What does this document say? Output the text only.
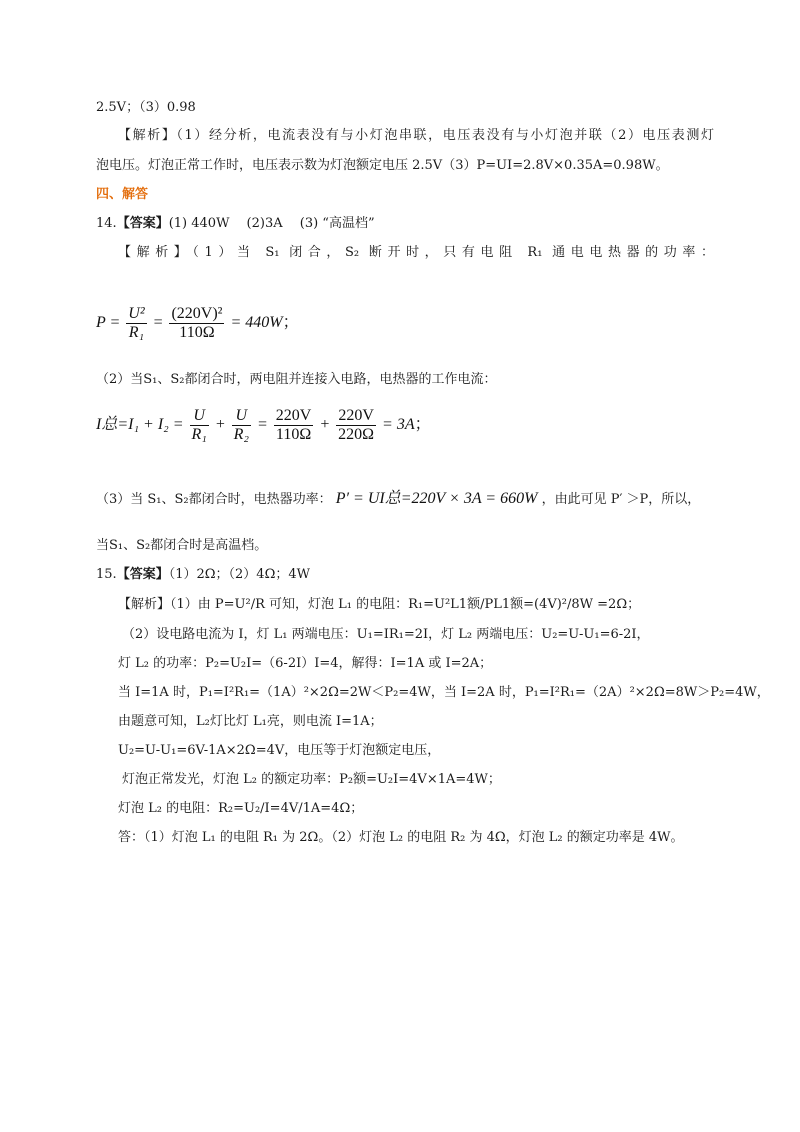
2.5V；（3）0.98
【解析】（1）经分析，电流表没有与小灯泡串联，电压表没有与小灯泡并联（2）电压表测灯
泡电压。灯泡正常工作时，电压表示数为灯泡额定电压 2.5V（3）P=UI=2.8V×0.35A=0.98W。
四、解答
14.【答案】(1) 440W　 (2)3A　 (3) “高温档”
【解析】（1）当 S₁ 闭合，S₂ 断开时，只有电阻 R₁ 通电电热器的功率：
$P = \frac{\text{U²}}{\text{R₁}} = \frac{\text{(220V)²}}{110\Omega} = 440W$；
（2）当S₁、S₂都闭合时，两电阻并连接入电路，电热器的工作电流：
I总$=I_1 + I_2 = \frac{U}{\text{R₁}} + \frac{U}{\text{R₂}} = \frac{220V}{110\Omega} + \frac{220V}{220\Omega} = 3A$；
（3）当 S₁、S₂都闭合时，电热器功率： P′ = UI总=220V × 3A = 660W ，由此可见 P′ ＞P，所以，
当S₁、S₂都闭合时是高温档。
15.【答案】（1）2Ω；（2）4Ω；4W
【解析】（1）由 P=U²/R 可知，灯泡 L₁ 的电阻：R₁=U²L1额/PL1额=(4V)²/8W =2Ω；
（2）设电路电流为 I，灯 L₁ 两端电压：U₁=IR₁=2I，灯 L₂ 两端电压：U₂=U-U₁=6-2I，
灯 L₂ 的功率：P₂=U₂I=（6-2I）I=4，解得：I=1A 或 I=2A；
当 I=1A 时，P₁=I²R₁=（1A）²×2Ω=2W＜P₂=4W，当 I=2A 时，P₁=I²R₁=（2A）²×2Ω=8W＞P₂=4W，
由题意可知，L₂灯比灯 L₁亮，则电流 I=1A；
U₂=U-U₁=6V-1A×2Ω=4V，电压等于灯泡额定电压，
灯泡正常发光，灯泡 L₂ 的额定功率：P₂额=U₂I=4V×1A=4W；
灯泡 L₂ 的电阻：R₂=U₂/I=4V/1A=4Ω；
答：（1）灯泡 L₁ 的电阻 R₁ 为 2Ω。（2）灯泡 L₂ 的电阻 R₂ 为 4Ω，灯泡 L₂ 的额定功率是 4W。
